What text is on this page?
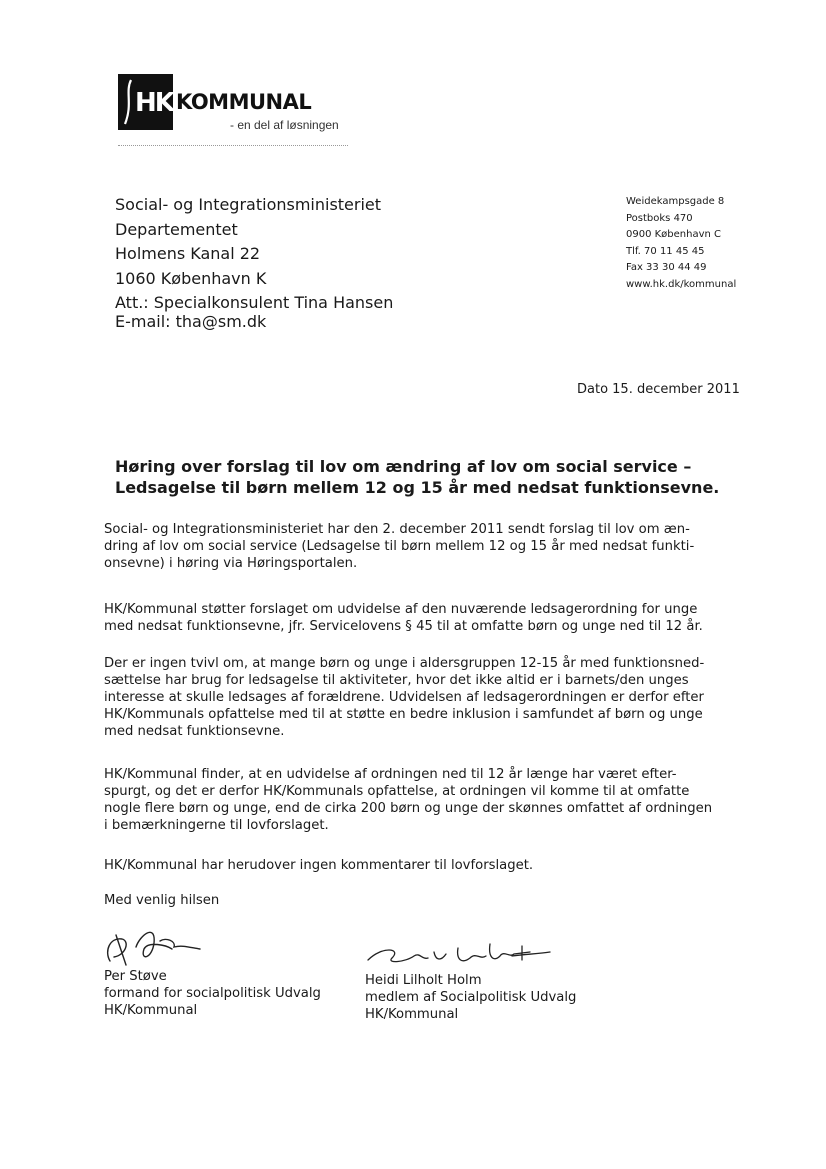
HK KOMMUNAL
- en del af løsningen
Social- og Integrationsministeriet
Departementet
Holmens Kanal 22
1060 København K
Att.: Specialkonsulent Tina Hansen
E-mail: tha@sm.dk
Weidekampsgade 8
Postboks 470
0900 København C
Tlf. 70 11 45 45
Fax 33 30 44 49
www.hk.dk/kommunal
Dato 15. december 2011
Høring over forslag til lov om ændring af lov om social service –
Ledsagelse til børn mellem 12 og 15 år med nedsat funktionsevne.
Social- og Integrationsministeriet har den 2. december 2011 sendt forslag til lov om æn-
dring af lov om social service (Ledsagelse til børn mellem 12 og 15 år med nedsat funkti-
onsevne) i høring via Høringsportalen.
HK/Kommunal støtter forslaget om udvidelse af den nuværende ledsagerordning for unge
med nedsat funktionsevne, jfr. Servicelovens § 45 til at omfatte børn og unge ned til 12 år.
Der er ingen tvivl om, at mange børn og unge i aldersgruppen 12-15 år med funktionsned-
sættelse har brug for ledsagelse til aktiviteter, hvor det ikke altid er i barnets/den unges
interesse at skulle ledsages af forældrene. Udvidelsen af ledsagerordningen er derfor efter
HK/Kommunals opfattelse med til at støtte en bedre inklusion i samfundet af børn og unge
med nedsat funktionsevne.
HK/Kommunal finder, at en udvidelse af ordningen ned til 12 år længe har været efter-
spurgt, og det er derfor HK/Kommunals opfattelse, at ordningen vil komme til at omfatte
nogle flere børn og unge, end de cirka 200 børn og unge der skønnes omfattet af ordningen
i bemærkningerne til lovforslaget.
HK/Kommunal har herudover ingen kommentarer til lovforslaget.
Med venlig hilsen
Per Støve
formand for socialpolitisk Udvalg
HK/Kommunal
Heidi Lilholt Holm
medlem af Socialpolitisk Udvalg
HK/Kommunal
